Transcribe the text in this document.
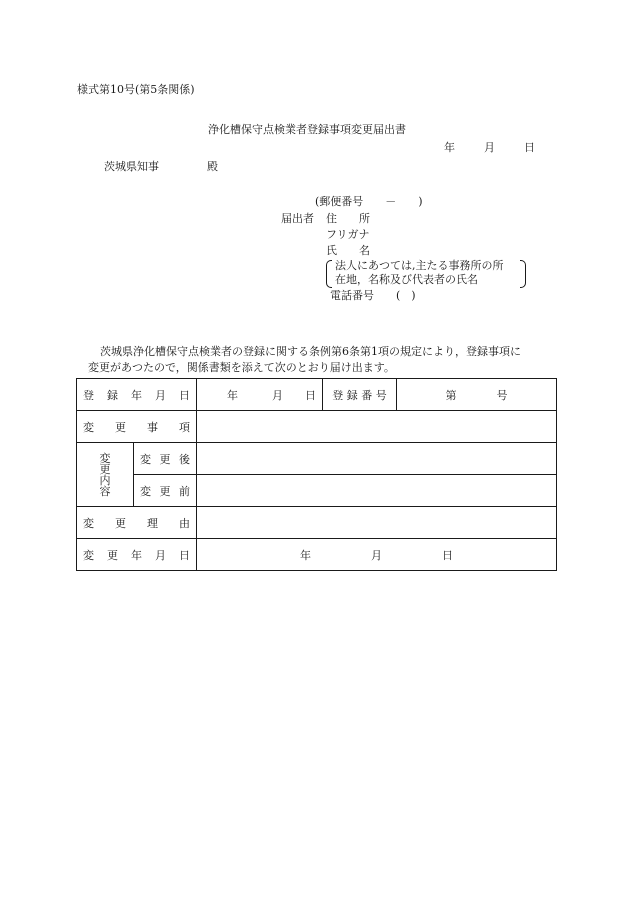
様式第10号(第5条関係)
浄化槽保守点検業者登録事項変更届出書
年	月	日
茨城県知事	殿
(郵便番号　　－　　)
届出者 住　　所
フリガナ
氏　　名
法人にあつては,主たる事務所の所
在地，名称及び代表者の氏名
電話番号　　(　)
茨城県浄化槽保守点検業者の登録に関する条例第6条第1項の規定により，登録事項に
変更があつたので，関係書類を添えて次のとおり届け出ます。
登 録 年 月 日		年 月 日	登 録 番 号	第 号

変 更 事 項				

変
更
内
容	変 更 後			

	変 更 前			

変 更 理 由				

変 更 年 月 日		年 月 日		
